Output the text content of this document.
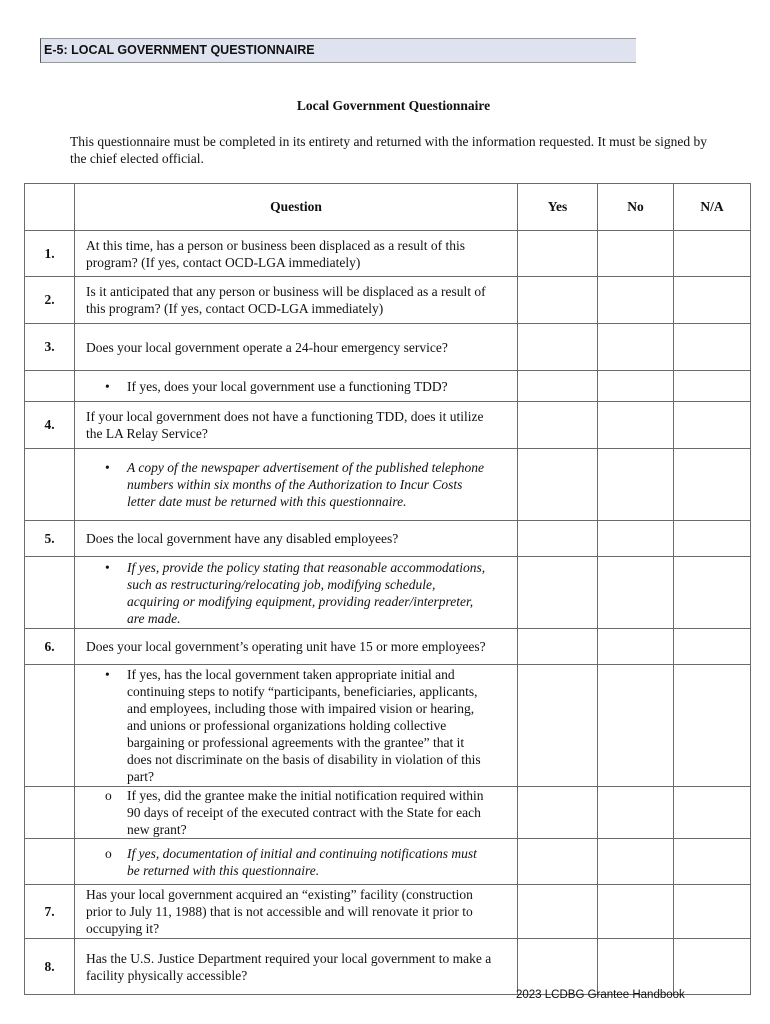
E-5: LOCAL GOVERNMENT QUESTIONNAIRE
Local Government Questionnaire
This questionnaire must be completed in its entirety and returned with the information requested. It must be signed by the chief elected official.
	Question	Yes	No	N/A
1.	At this time, has a person or business been displaced as a result of this program? (If yes, contact OCD-LGA immediately)			
2.	Is it anticipated that any person or business will be displaced as a result of this program? (If yes, contact OCD-LGA immediately)			
3.	Does your local government operate a 24-hour emergency service?			

	• If yes, does your local government use a functioning TDD?			

4.	If your local government does not have a functioning TDD, does it utilize the LA Relay Service?			

	• A copy of the newspaper advertisement of the published telephone numbers within six months of the Authorization to Incur Costs letter date must be returned with this questionnaire.			

5.	Does the local government have any disabled employees?			

	• If yes, provide the policy stating that reasonable accommodations, such as restructuring/relocating job, modifying schedule, acquiring or modifying equipment, providing reader/interpreter, are made.			

6.	Does your local government’s operating unit have 15 or more employees?			

	• If yes, has the local government taken appropriate initial and continuing steps to notify “participants, beneficiaries, applicants, and employees, including those with impaired vision or hearing, and unions or professional organizations holding collective bargaining or professional agreements with the grantee” that it does not discriminate on the basis of disability in violation of this part?			

	o If yes, did the grantee make the initial notification required within 90 days of receipt of the executed contract with the State for each new grant?			

	o If yes, documentation of initial and continuing notifications must be returned with this questionnaire.			

7.	Has your local government acquired an “existing” facility (construction prior to July 11, 1988) that is not accessible and will renovate it prior to occupying it?			
8.	Has the U.S. Justice Department required your local government to make a facility physically accessible?			
2023 LCDBG Grantee Handbook
